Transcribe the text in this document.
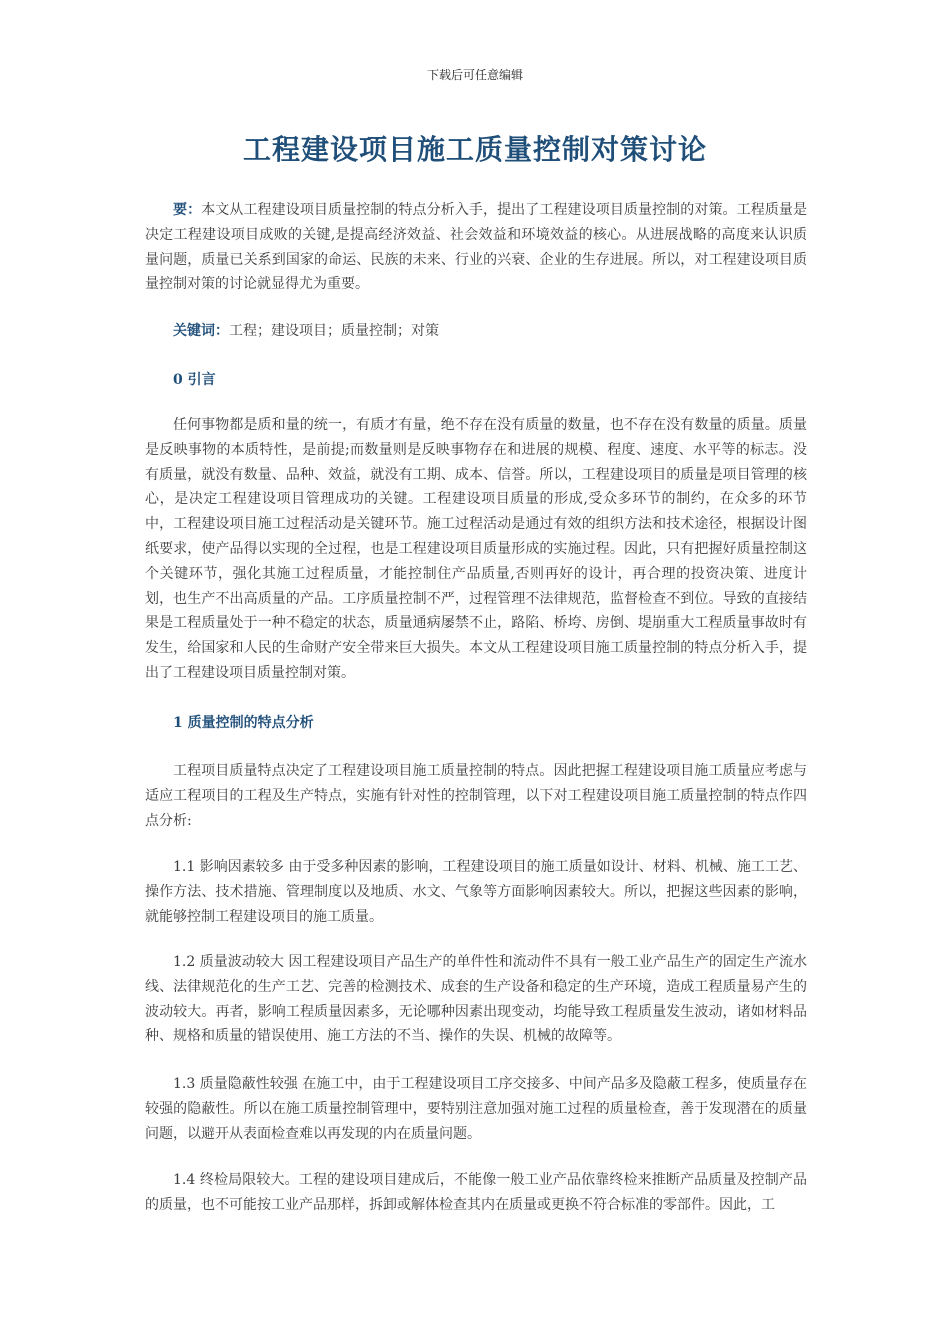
下载后可任意编辑
工程建设项目施工质量控制对策讨论
要：本文从工程建设项目质量控制的特点分析入手，提出了工程建设项目质量控制的对策。工程质量是决定工程建设项目成败的关键,是提高经济效益、社会效益和环境效益的核心。从进展战略的高度来认识质量问题，质量已关系到国家的命运、民族的未来、行业的兴衰、企业的生存进展。所以，对工程建设项目质量控制对策的讨论就显得尤为重要。
关键词：工程；建设项目；质量控制；对策
0 引言
任何事物都是质和量的统一，有质才有量，绝不存在没有质量的数量，也不存在没有数量的质量。质量是反映事物的本质特性，是前提;而数量则是反映事物存在和进展的规模、程度、速度、水平等的标志。没有质量，就没有数量、品种、效益，就没有工期、成本、信誉。所以，工程建设项目的质量是项目管理的核心，是决定工程建设项目管理成功的关键。工程建设项目质量的形成,受众多环节的制约，在众多的环节中，工程建设项目施工过程活动是关键环节。施工过程活动是通过有效的组织方法和技术途径，根据设计图纸要求，使产品得以实现的全过程，也是工程建设项目质量形成的实施过程。因此，只有把握好质量控制这个关键环节，强化其施工过程质量，才能控制住产品质量,否则再好的设计，再合理的投资决策、进度计划，也生产不出高质量的产品。工序质量控制不严，过程管理不法律规范，监督检查不到位。导致的直接结果是工程质量处于一种不稳定的状态，质量通病屡禁不止，路陷、桥垮、房倒、堤崩重大工程质量事故时有发生，给国家和人民的生命财产安全带来巨大损失。本文从工程建设项目施工质量控制的特点分析入手，提出了工程建设项目质量控制对策。
1 质量控制的特点分析
工程项目质量特点决定了工程建设项目施工质量控制的特点。因此把握工程建设项目施工质量应考虑与适应工程项目的工程及生产特点，实施有针对性的控制管理，以下对工程建设项目施工质量控制的特点作四点分析:
1.1 影响因素较多 由于受多种因素的影响，工程建设项目的施工质量如设计、材料、机械、施工工艺、操作方法、技术措施、管理制度以及地质、水文、气象等方面影响因素较大。所以，把握这些因素的影响，就能够控制工程建设项目的施工质量。
1.2 质量波动较大 因工程建设项目产品生产的单件性和流动件不具有一般工业产品生产的固定生产流水线、法律规范化的生产工艺、完善的检测技术、成套的生产设备和稳定的生产环境，造成工程质量易产生的波动较大。再者，影响工程质量因素多，无论哪种因素出现变动，均能导致工程质量发生波动，诸如材料品种、规格和质量的错误使用、施工方法的不当、操作的失误、机械的故障等。
1.3 质量隐蔽性较强 在施工中，由于工程建设项目工序交接多、中间产品多及隐蔽工程多，使质量存在较强的隐蔽性。所以在施工质量控制管理中，要特别注意加强对施工过程的质量检查，善于发现潜在的质量问题，以避开从表面检查难以再发现的内在质量问题。
1.4 终检局限较大。工程的建设项目建成后，不能像一般工业产品依靠终检来推断产品质量及控制产品的质量，也不可能按工业产品那样，拆卸或解体检查其内在质量或更换不符合标准的零部件。因此，工
